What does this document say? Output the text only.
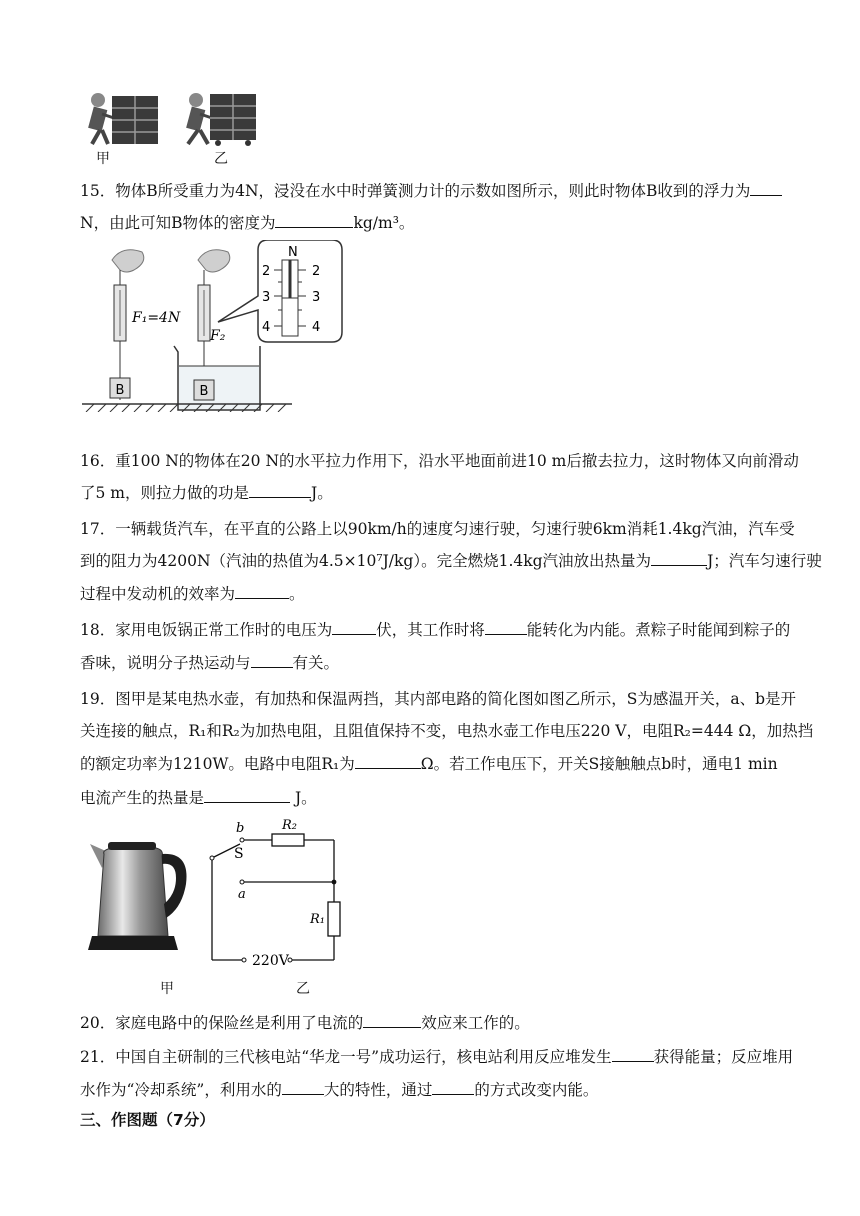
甲	乙
15．物体B所受重力为4N，浸没在水中时弹簧测力计的示数如图所示，则此时物体B收到的浮力为
N，由此可知B物体的密度为	kg/m³。
B
F₁=4N
F₂
B
N
2	2
3	3
4	4
16．重100 N的物体在20 N的水平拉力作用下，沿水平地面前进10 m后撤去拉力，这时物体又向前滑动
了5 m，则拉力做的功是	J。
17．一辆载货汽车，在平直的公路上以90km/h的速度匀速行驶，匀速行驶6km消耗1.4kg汽油，汽车受
到的阻力为4200N（汽油的热值为4.5×10⁷J/kg）。完全燃烧1.4kg汽油放出热量为	J；汽车匀速行驶
过程中发动机的效率为	。
18．家用电饭锅正常工作时的电压为	伏，其工作时将	能转化为内能。煮粽子时能闻到粽子的
香味，说明分子热运动与	有关。
19．图甲是某电热水壶，有加热和保温两挡，其内部电路的简化图如图乙所示，S为感温开关，a、b是开
关连接的触点，R₁和R₂为加热电阻，且阻值保持不变，电热水壶工作电压220 V，电阻R₂=444 Ω，加热挡
的额定功率为1210W。电路中电阻R₁为	Ω。若工作电压下，开关S接触触点b时，通电1 min
电流产生的热量是	J。
b	R₂
S
a
R₁
220V
甲	乙
20．家庭电路中的保险丝是利用了电流的	效应来工作的。
21．中国自主研制的三代核电站“华龙一号”成功运行，核电站利用反应堆发生	获得能量；反应堆用
水作为“冷却系统”，利用水的	大的特性，通过	的方式改变内能。
三、作图题（7分）
